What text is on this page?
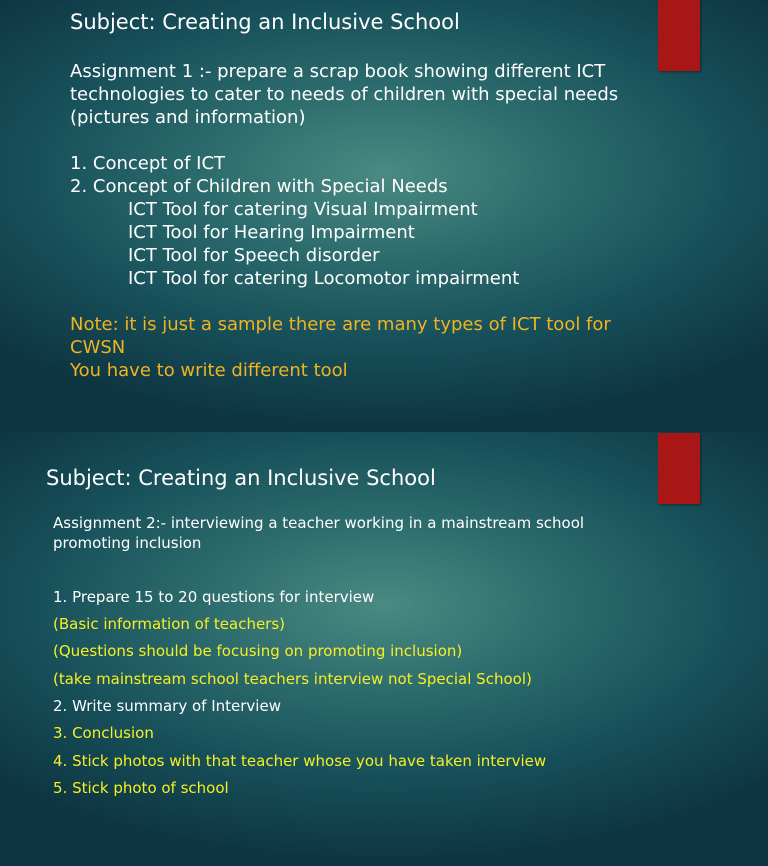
Subject: Creating an Inclusive School
Assignment 1 :- prepare a scrap book showing different ICT
technologies to cater to needs of children with special needs
(pictures and information)
1. Concept of ICT
2. Concept of Children with Special Needs
ICT Tool for catering Visual Impairment
ICT Tool for Hearing Impairment
ICT Tool for Speech disorder
ICT Tool for catering Locomotor impairment
Note: it is just a sample there are many types of ICT tool for
CWSN
You have to write different tool
Subject: Creating an Inclusive School
Assignment 2:- interviewing a teacher working in a mainstream school
promoting inclusion
1. Prepare 15 to 20 questions for interview
(Basic information of teachers)
(Questions should be focusing on promoting inclusion)
(take mainstream school teachers interview not Special School)
2. Write summary of Interview
3. Conclusion
4. Stick photos with that teacher whose you have taken interview
5. Stick photo of school
